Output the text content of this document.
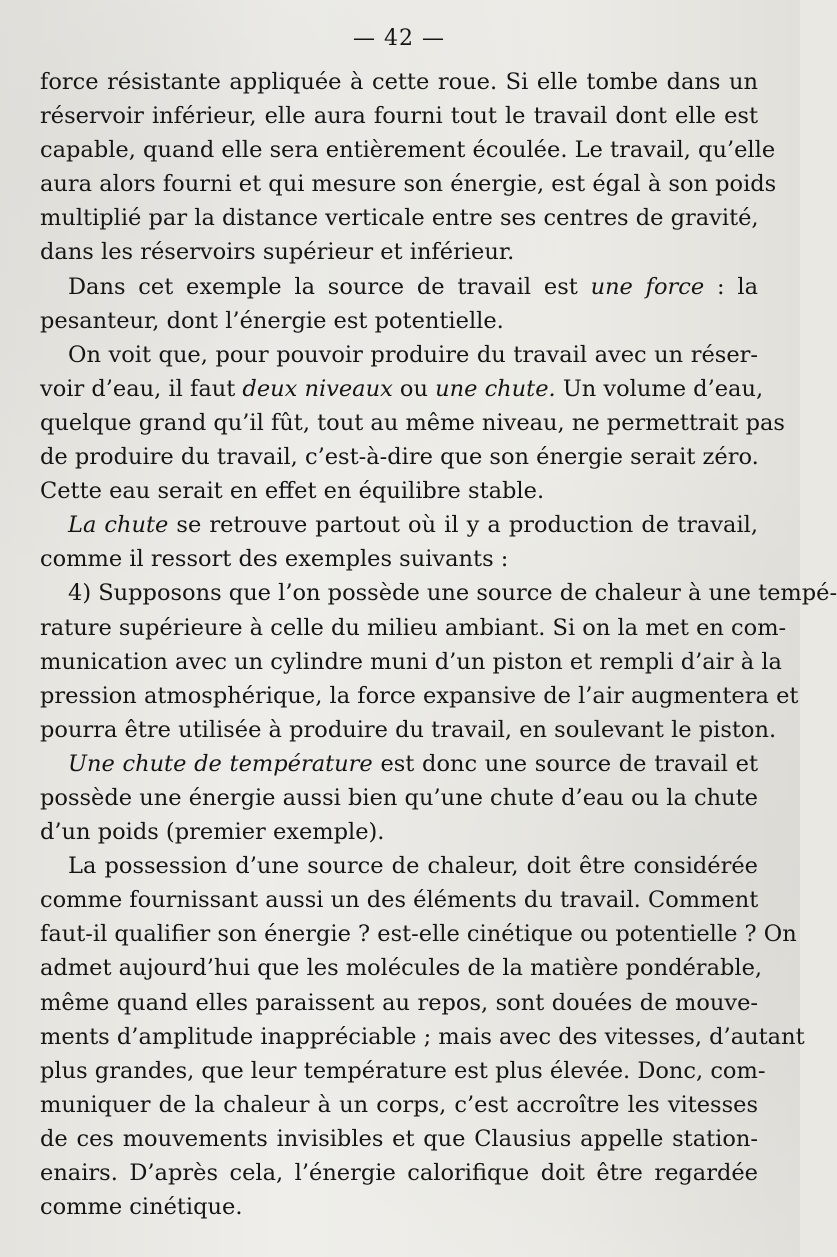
— 42 —

force résistante appliquée à cette roue. Si elle tombe dans un
réservoir inférieur, elle aura fourni tout le travail dont elle est
capable, quand elle sera entièrement écoulée. Le travail, qu’elle
aura alors fourni et qui mesure son énergie, est égal à son poids
multiplié par la distance verticale entre ses centres de gravité,
dans les réservoirs supérieur et inférieur.

Dans cet exemple la source de travail est une force : la
pesanteur, dont l’énergie est potentielle.

On voit que, pour pouvoir produire du travail avec un réser-
voir d’eau, il faut deux niveaux ou une chute. Un volume d’eau,
quelque grand qu’il fût, tout au même niveau, ne permettrait pas
de produire du travail, c’est-à-dire que son énergie serait zéro.
Cette eau serait en effet en équilibre stable.

La chute se retrouve partout où il y a production de travail,
comme il ressort des exemples suivants :

4) Supposons que l’on possède une source de chaleur à une tempé-
rature supérieure à celle du milieu ambiant. Si on la met en com-
munication avec un cylindre muni d’un piston et rempli d’air à la
pression atmosphérique, la force expansive de l’air augmentera et
pourra être utilisée à produire du travail, en soulevant le piston.

Une chute de température est donc une source de travail et
possède une énergie aussi bien qu’une chute d’eau ou la chute
d’un poids (premier exemple).

La possession d’une source de chaleur, doit être considérée
comme fournissant aussi un des éléments du travail. Comment
faut-il qualifier son énergie ? est-elle cinétique ou potentielle ? On
admet aujourd’hui que les molécules de la matière pondérable,
même quand elles paraissent au repos, sont douées de mouve-
ments d’amplitude inappréciable ; mais avec des vitesses, d’autant
plus grandes, que leur température est plus élevée. Donc, com-
muniquer de la chaleur à un corps, c’est accroître les vitesses
de ces mouvements invisibles et que Clausius appelle station-
enairs. D’après cela, l’énergie calorifique doit être regardée
comme cinétique.
